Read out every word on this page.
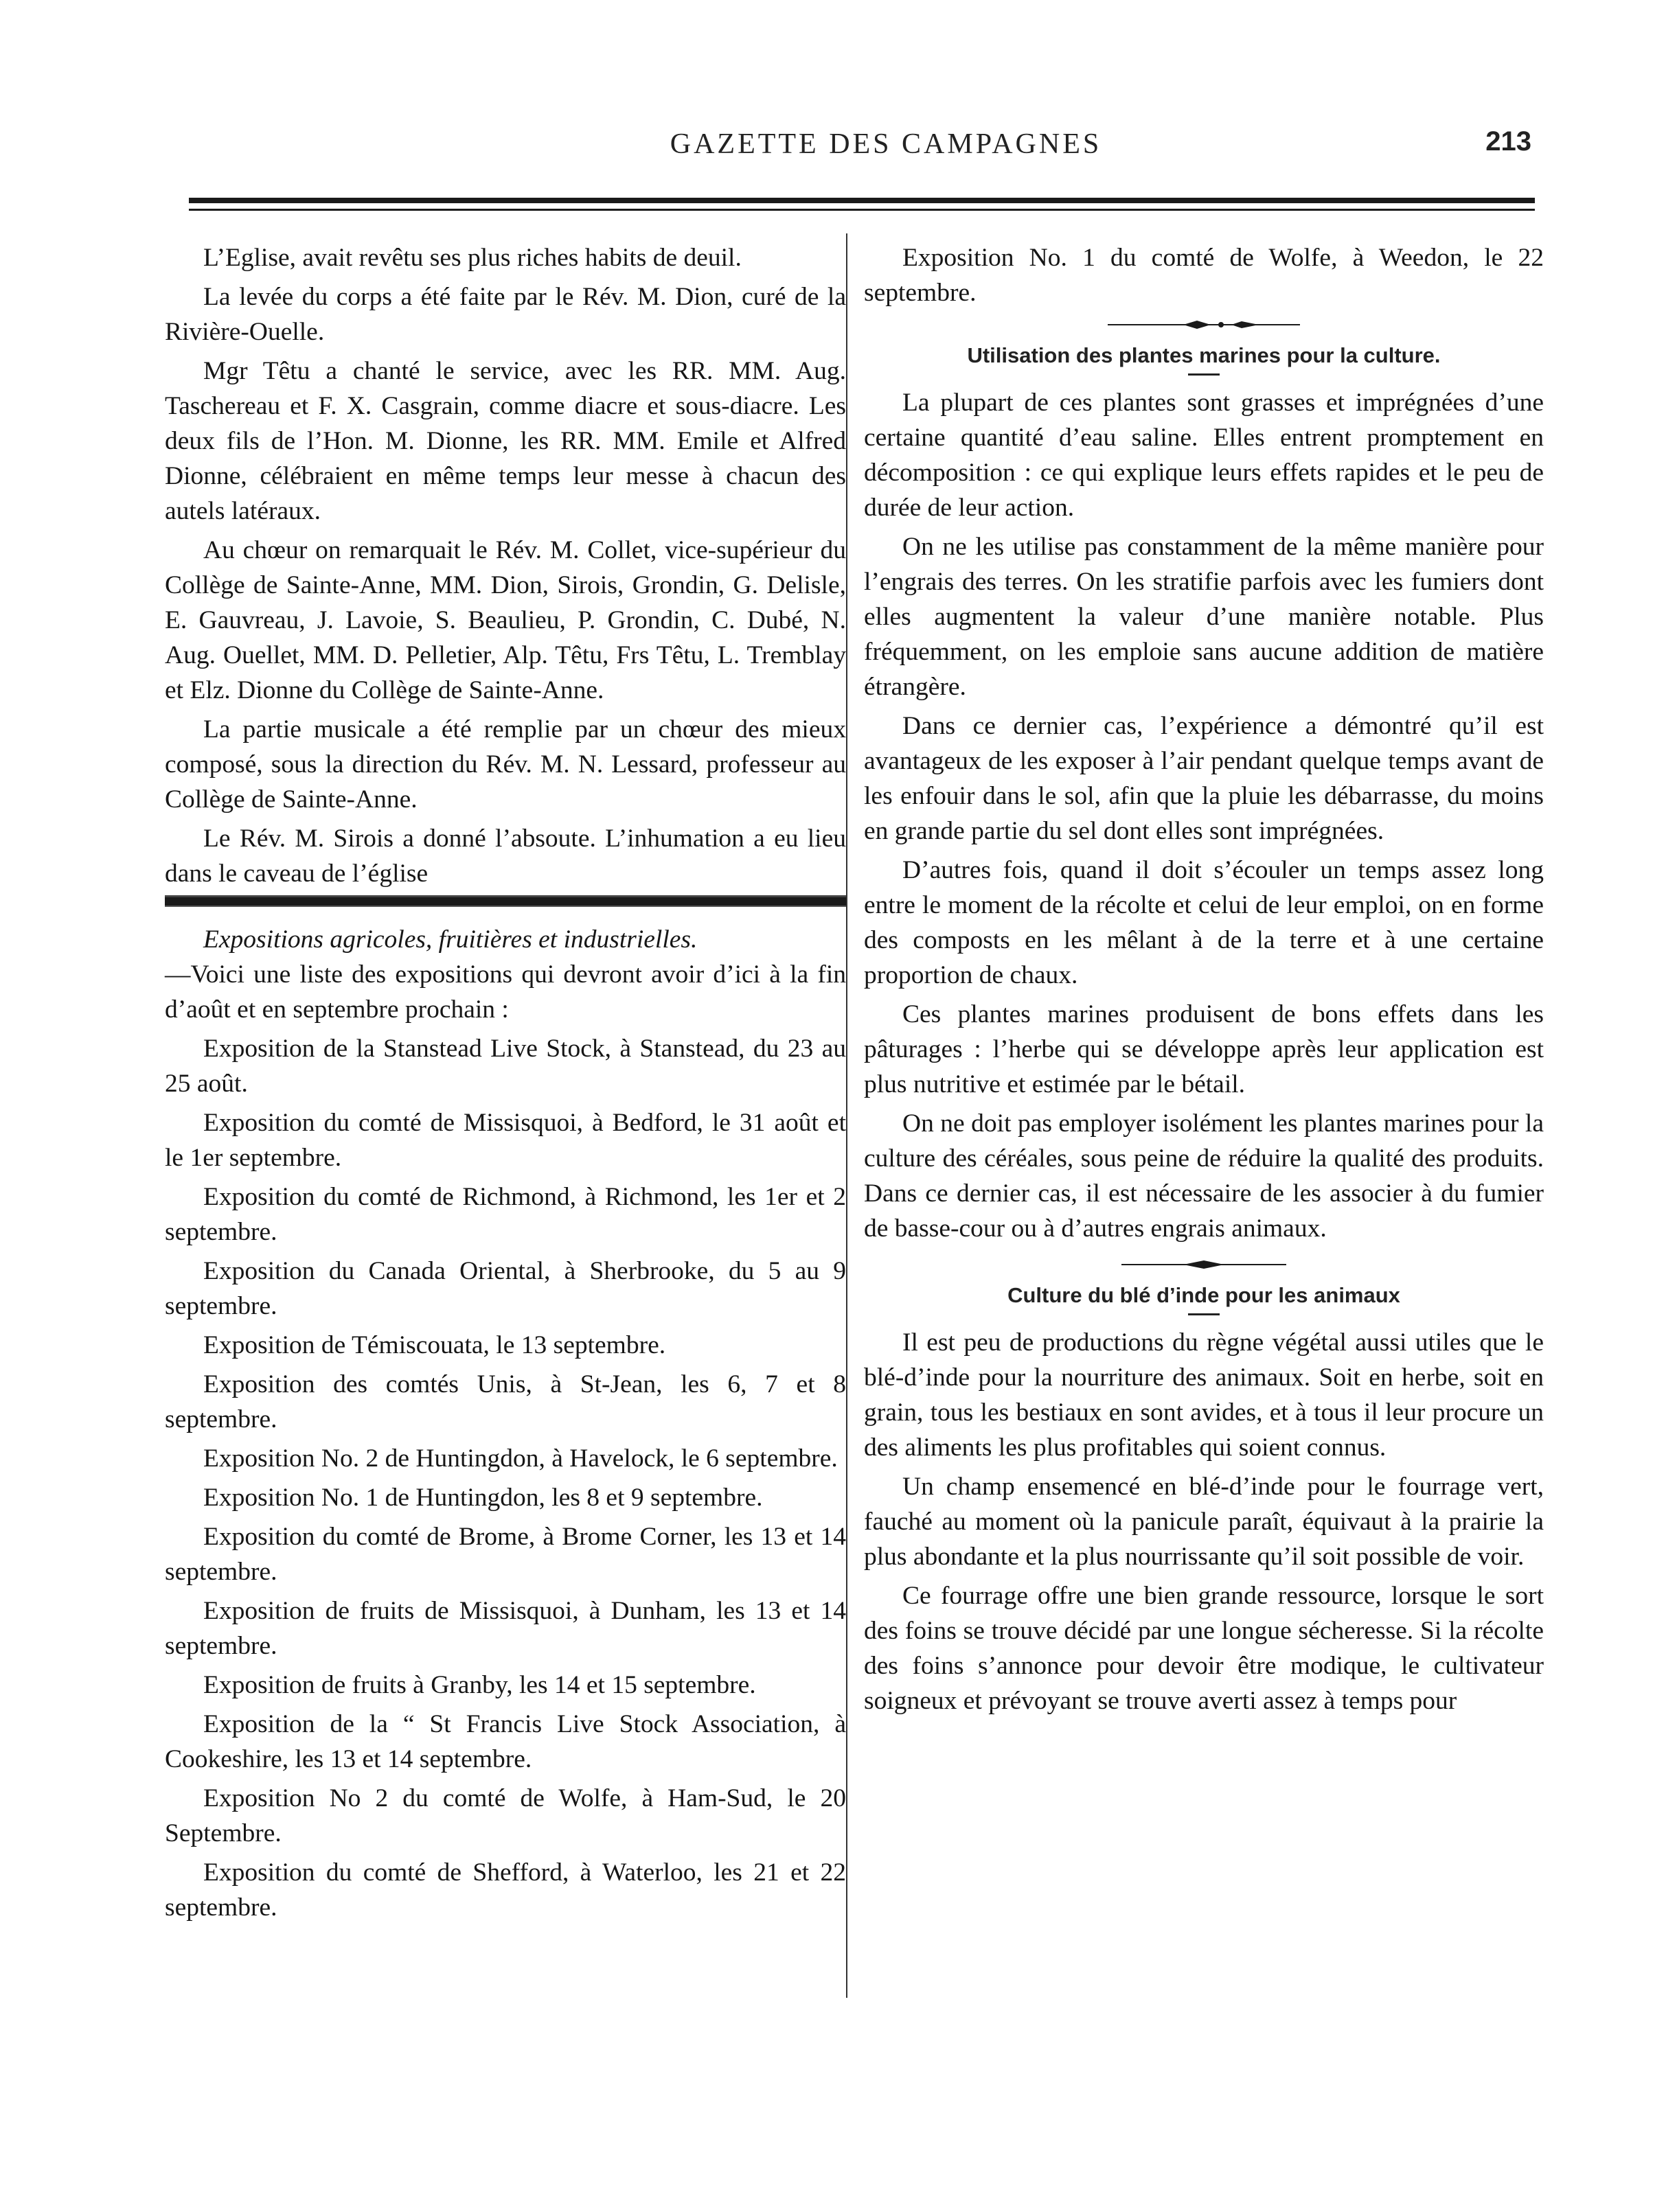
GAZETTE DES CAMPAGNES	213

L’Eglise, avait revêtu ses plus riches habits de deuil.

La levée du corps a été faite par le Rév. M. Dion, curé de la Rivière-Ouelle.

Mgr Têtu a chanté le service, avec les RR. MM. Aug. Taschereau et F. X. Casgrain, comme diacre et sous-diacre. Les deux fils de l’Hon. M. Dionne, les RR. MM. Emile et Alfred Dionne, célébraient en même temps leur messe à chacun des autels latéraux.

Au chœur on remarquait le Rév. M. Collet, vice-supérieur du Collège de Sainte-Anne, MM. Dion, Sirois, Grondin, G. Delisle, E. Gauvreau, J. Lavoie, S. Beaulieu, P. Grondin, C. Dubé, N. Aug. Ouellet, MM. D. Pelletier, Alp. Têtu, Frs Têtu, L. Tremblay et Elz. Dionne du Collège de Sainte-Anne.

La partie musicale a été remplie par un chœur des mieux composé, sous la direction du Rév. M. N. Lessard, professeur au Collège de Sainte-Anne.

Le Rév. M. Sirois a donné l’absoute. L’inhumation a eu lieu dans le caveau de l’église

Expositions agricoles, fruitières et industrielles.

—Voici une liste des expositions qui devront avoir d’ici à la fin d’août et en septembre prochain :

Exposition de la Stanstead Live Stock, à Stanstead, du 23 au 25 août.

Exposition du comté de Missisquoi, à Bedford, le 31 août et le 1er septembre.

Exposition du comté de Richmond, à Richmond, les 1er et 2 septembre.

Exposition du Canada Oriental, à Sherbrooke, du 5 au 9 septembre.

Exposition de Témiscouata, le 13 septembre.

Exposition des comtés Unis, à St-Jean, les 6, 7 et 8 septembre.

Exposition No. 2 de Huntingdon, à Havelock, le 6 septembre.

Exposition No. 1 de Huntingdon, les 8 et 9 septembre.

Exposition du comté de Brome, à Brome Corner, les 13 et 14 septembre.

Exposition de fruits de Missisquoi, à Dunham, les 13 et 14 septembre.

Exposition de fruits à Granby, les 14 et 15 septembre.

Exposition de la “ St Francis Live Stock Association, à Cookeshire, les 13 et 14 septembre.

Exposition No 2 du comté de Wolfe, à Ham-Sud, le 20 Septembre.

Exposition du comté de Shefford, à Waterloo, les 21 et 22 septembre.

Exposition No. 1 du comté de Wolfe, à Weedon, le 22 septembre.

Utilisation des plantes marines pour la culture.

La plupart de ces plantes sont grasses et imprégnées d’une certaine quantité d’eau saline. Elles entrent promptement en décomposition : ce qui explique leurs effets rapides et le peu de durée de leur action.

On ne les utilise pas constamment de la même manière pour l’engrais des terres. On les stratifie parfois avec les fumiers dont elles augmentent la valeur d’une manière notable. Plus fréquemment, on les emploie sans aucune addition de matière étrangère.

Dans ce dernier cas, l’expérience a démontré qu’il est avantageux de les exposer à l’air pendant quelque temps avant de les enfouir dans le sol, afin que la pluie les débarrasse, du moins en grande partie du sel dont elles sont imprégnées.

D’autres fois, quand il doit s’écouler un temps assez long entre le moment de la récolte et celui de leur emploi, on en forme des composts en les mêlant à de la terre et à une certaine proportion de chaux.

Ces plantes marines produisent de bons effets dans les pâturages : l’herbe qui se développe après leur application est plus nutritive et estimée par le bétail.

On ne doit pas employer isolément les plantes marines pour la culture des céréales, sous peine de réduire la qualité des produits. Dans ce dernier cas, il est nécessaire de les associer à du fumier de basse-cour ou à d’autres engrais animaux.

Culture du blé d’inde pour les animaux

Il est peu de productions du règne végétal aussi utiles que le blé-d’inde pour la nourriture des animaux. Soit en herbe, soit en grain, tous les bestiaux en sont avides, et à tous il leur procure un des aliments les plus profitables qui soient connus.

Un champ ensemencé en blé-d’inde pour le fourrage vert, fauché au moment où la panicule paraît, équivaut à la prairie la plus abondante et la plus nourrissante qu’il soit possible de voir.

Ce fourrage offre une bien grande ressource, lorsque le sort des foins se trouve décidé par une longue sécheresse. Si la récolte des foins s’annonce pour devoir être modique, le cultivateur soigneux et prévoyant se trouve averti assez à temps pour
